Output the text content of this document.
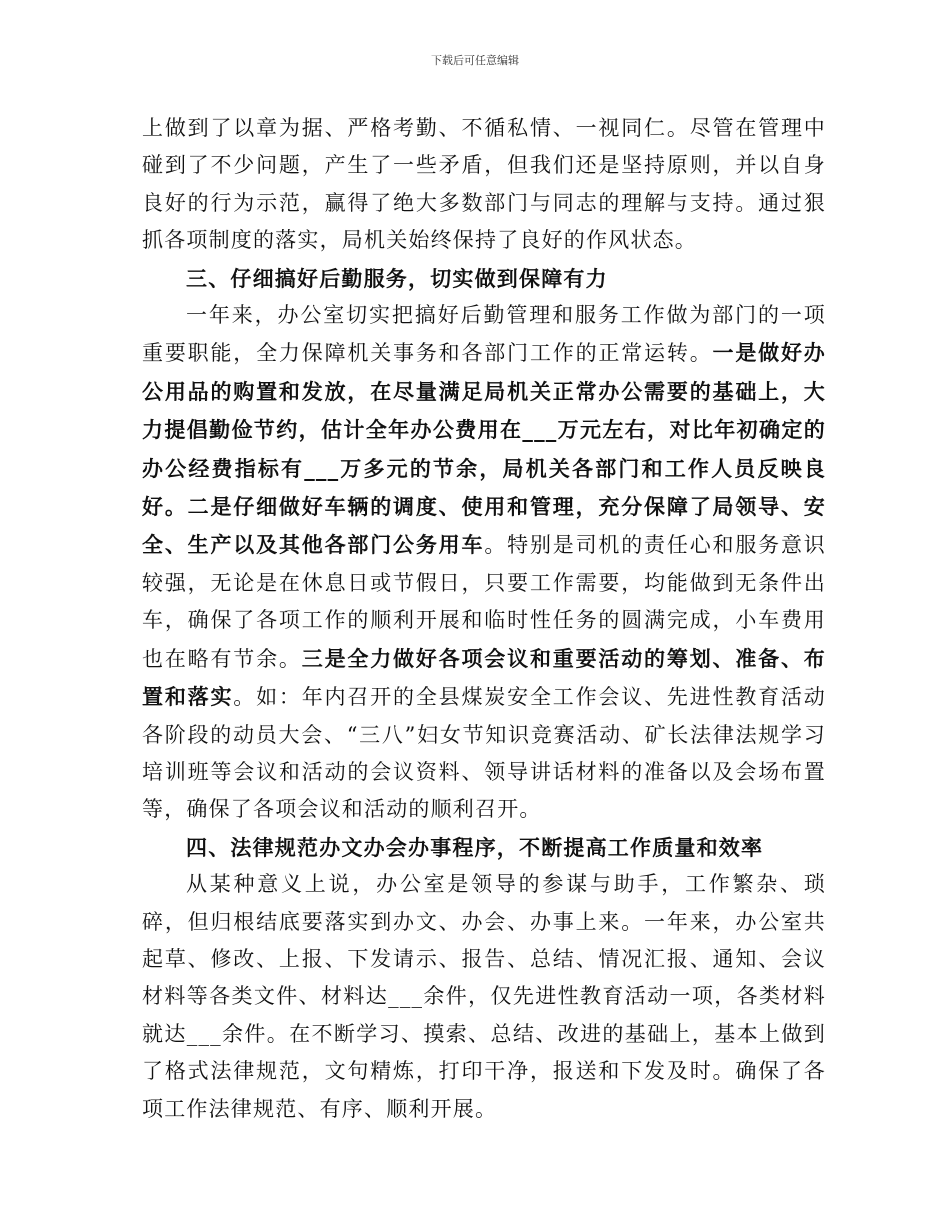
下载后可任意编辑

上做到了以章为据、严格考勤、不循私情、一视同仁。尽管在管理中碰到了不少问题，产生了一些矛盾，但我们还是坚持原则，并以自身良好的行为示范，赢得了绝大多数部门与同志的理解与支持。通过狠抓各项制度的落实，局机关始终保持了良好的作风状态。

三、仔细搞好后勤服务，切实做到保障有力

一年来，办公室切实把搞好后勤管理和服务工作做为部门的一项重要职能，全力保障机关事务和各部门工作的正常运转。一是做好办公用品的购置和发放，在尽量满足局机关正常办公需要的基础上，大力提倡勤俭节约，估计全年办公费用在___万元左右，对比年初确定的办公经费指标有___万多元的节余，局机关各部门和工作人员反映良好。二是仔细做好车辆的调度、使用和管理，充分保障了局领导、安全、生产以及其他各部门公务用车。特别是司机的责任心和服务意识较强，无论是在休息日或节假日，只要工作需要，均能做到无条件出车，确保了各项工作的顺利开展和临时性任务的圆满完成，小车费用也在略有节余。三是全力做好各项会议和重要活动的筹划、准备、布置和落实。如：年内召开的全县煤炭安全工作会议、先进性教育活动各阶段的动员大会、“三八”妇女节知识竞赛活动、矿长法律法规学习培训班等会议和活动的会议资料、领导讲话材料的准备以及会场布置等，确保了各项会议和活动的顺利召开。

四、法律规范办文办会办事程序，不断提高工作质量和效率

从某种意义上说，办公室是领导的参谋与助手，工作繁杂、琐碎，但归根结底要落实到办文、办会、办事上来。一年来，办公室共起草、修改、上报、下发请示、报告、总结、情况汇报、通知、会议材料等各类文件、材料达___余件，仅先进性教育活动一项，各类材料就达___余件。在不断学习、摸索、总结、改进的基础上，基本上做到了格式法律规范，文句精炼，打印干净，报送和下发及时。确保了各项工作法律规范、有序、顺利开展。
